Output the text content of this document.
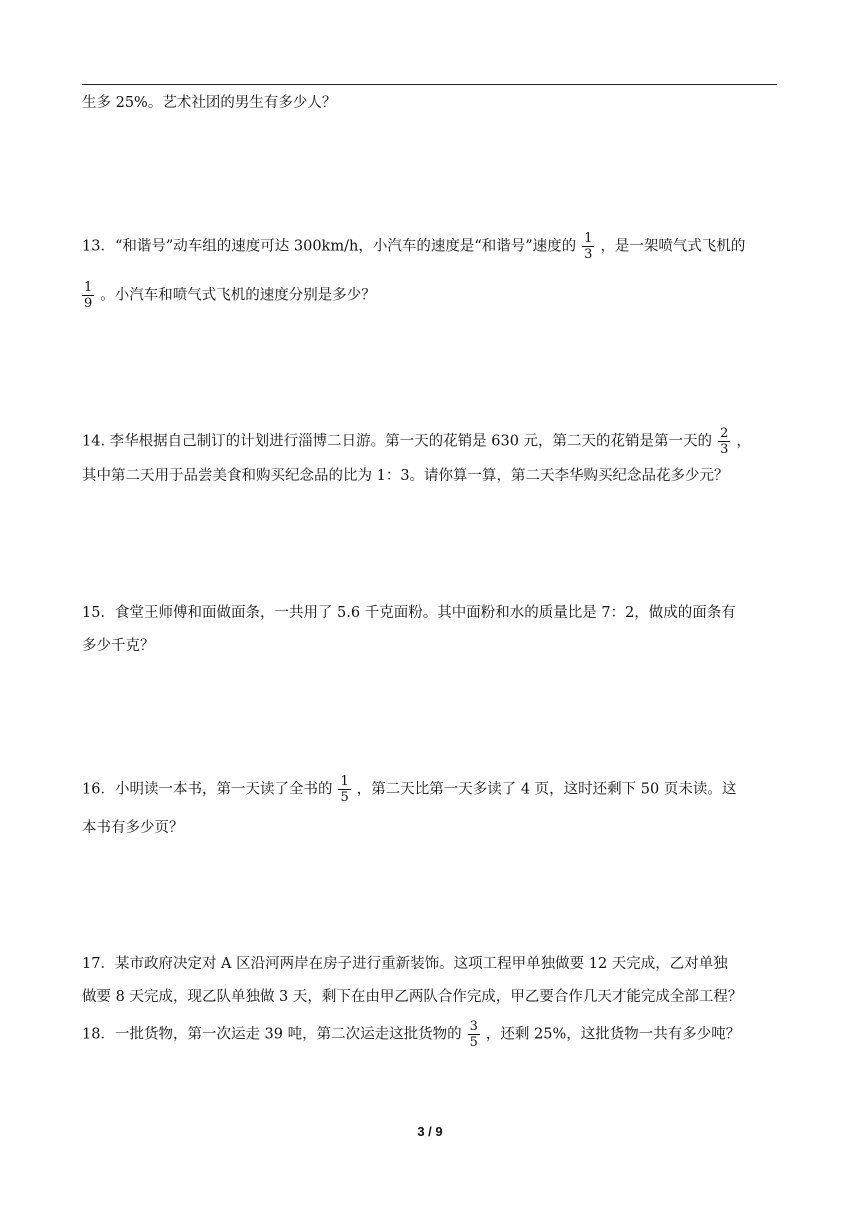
生多 25%。艺术社团的男生有多少人？
13．“和谐号”动车组的速度可达 300km/h，小汽车的速度是“和谐号”速度的 $\frac{1}{3}$ ，是一架喷气式飞机的
$\frac{1}{9}$ 。小汽车和喷气式飞机的速度分别是多少？
14. 李华根据自己制订的计划进行淄博二日游。第一天的花销是 630 元，第二天的花销是第一天的 $\frac{2}{3}$ ，
其中第二天用于品尝美食和购买纪念品的比为 1：3。请你算一算，第二天李华购买纪念品花多少元？
15．食堂王师傅和面做面条，一共用了 5.6 千克面粉。其中面粉和水的质量比是 7：2，做成的面条有
多少千克？
16．小明读一本书，第一天读了全书的 $\frac{1}{5}$ ，第二天比第一天多读了 4 页，这时还剩下 50 页未读。这
本书有多少页？
17．某市政府决定对 A 区沿河两岸在房子进行重新装饰。这项工程甲单独做要 12 天完成，乙对单独
做要 8 天完成，现乙队单独做 3 天，剩下在由甲乙两队合作完成，甲乙要合作几天才能完成全部工程？
18．一批货物，第一次运走 39 吨，第二次运走这批货物的 $\frac{3}{5}$ ，还剩 25%，这批货物一共有多少吨？
3 / 9
